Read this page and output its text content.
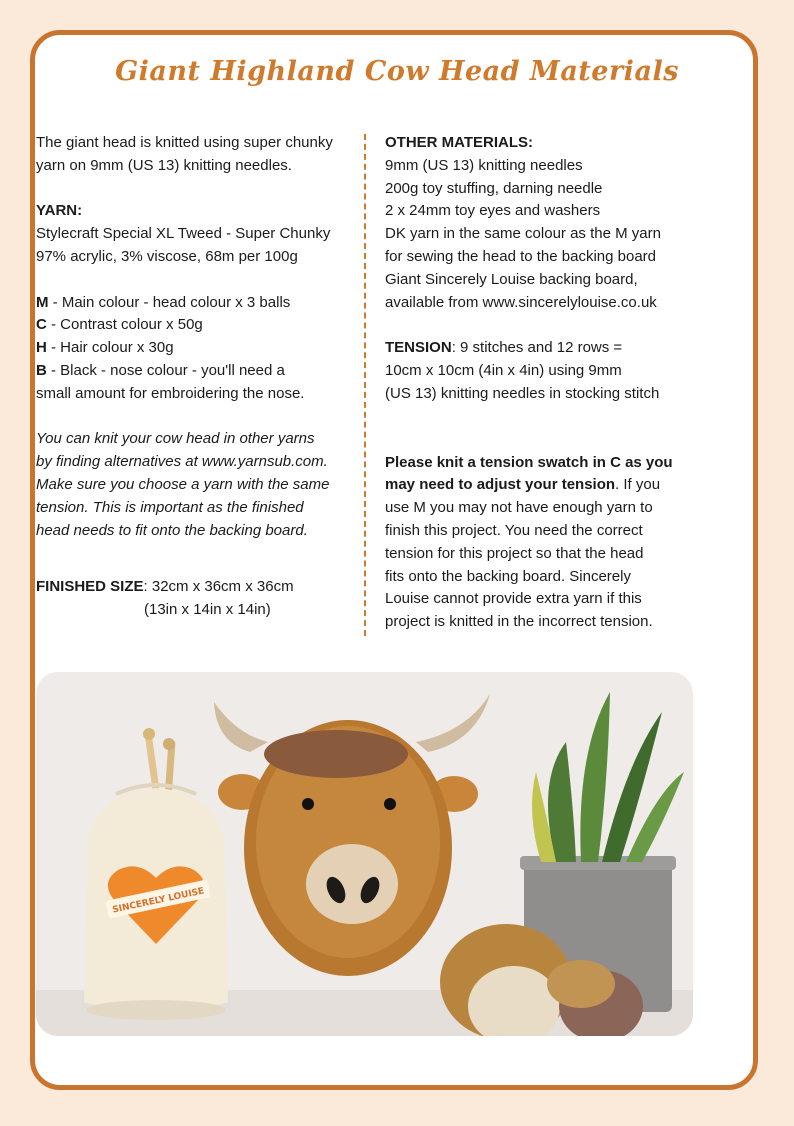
Giant Highland Cow Head Materials

The giant head is knitted using super chunky

yarn on 9mm (US 13) knitting needles.

YARN:

Stylecraft Special XL Tweed - Super Chunky

97% acrylic, 3% viscose, 68m per 100g

M - Main colour - head colour x 3 balls

C - Contrast colour x 50g

H - Hair colour x 30g

B - Black - nose colour - you'll need a

small amount for embroidering the nose.

You can knit your cow head in other yarns

by finding alternatives at www.yarnsub.com.

Make sure you choose a yarn with the same

tension. This is important as the finished

head needs to fit onto the backing board.

FINISHED SIZE: 32cm x 36cm x 36cm

(13in x 14in x 14in)

OTHER MATERIALS:

9mm (US 13) knitting needles

200g toy stuffing, darning needle

2 x 24mm toy eyes and washers

DK yarn in the same colour as the M yarn

for sewing the head to the backing board

Giant Sincerely Louise backing board,

available from www.sincerelylouise.co.uk

TENSION: 9 stitches and 12 rows =

10cm x 10cm (4in x 4in) using 9mm

(US 13) knitting needles in stocking stitch

Please knit a tension swatch in C as you

may need to adjust your tension. If you

use M you may not have enough yarn to

finish this project. You need the correct

tension for this project so that the head

fits onto the backing board. Sincerely

Louise cannot provide extra yarn if this

project is knitted in the incorrect tension.

SINCERELY LOUISE
